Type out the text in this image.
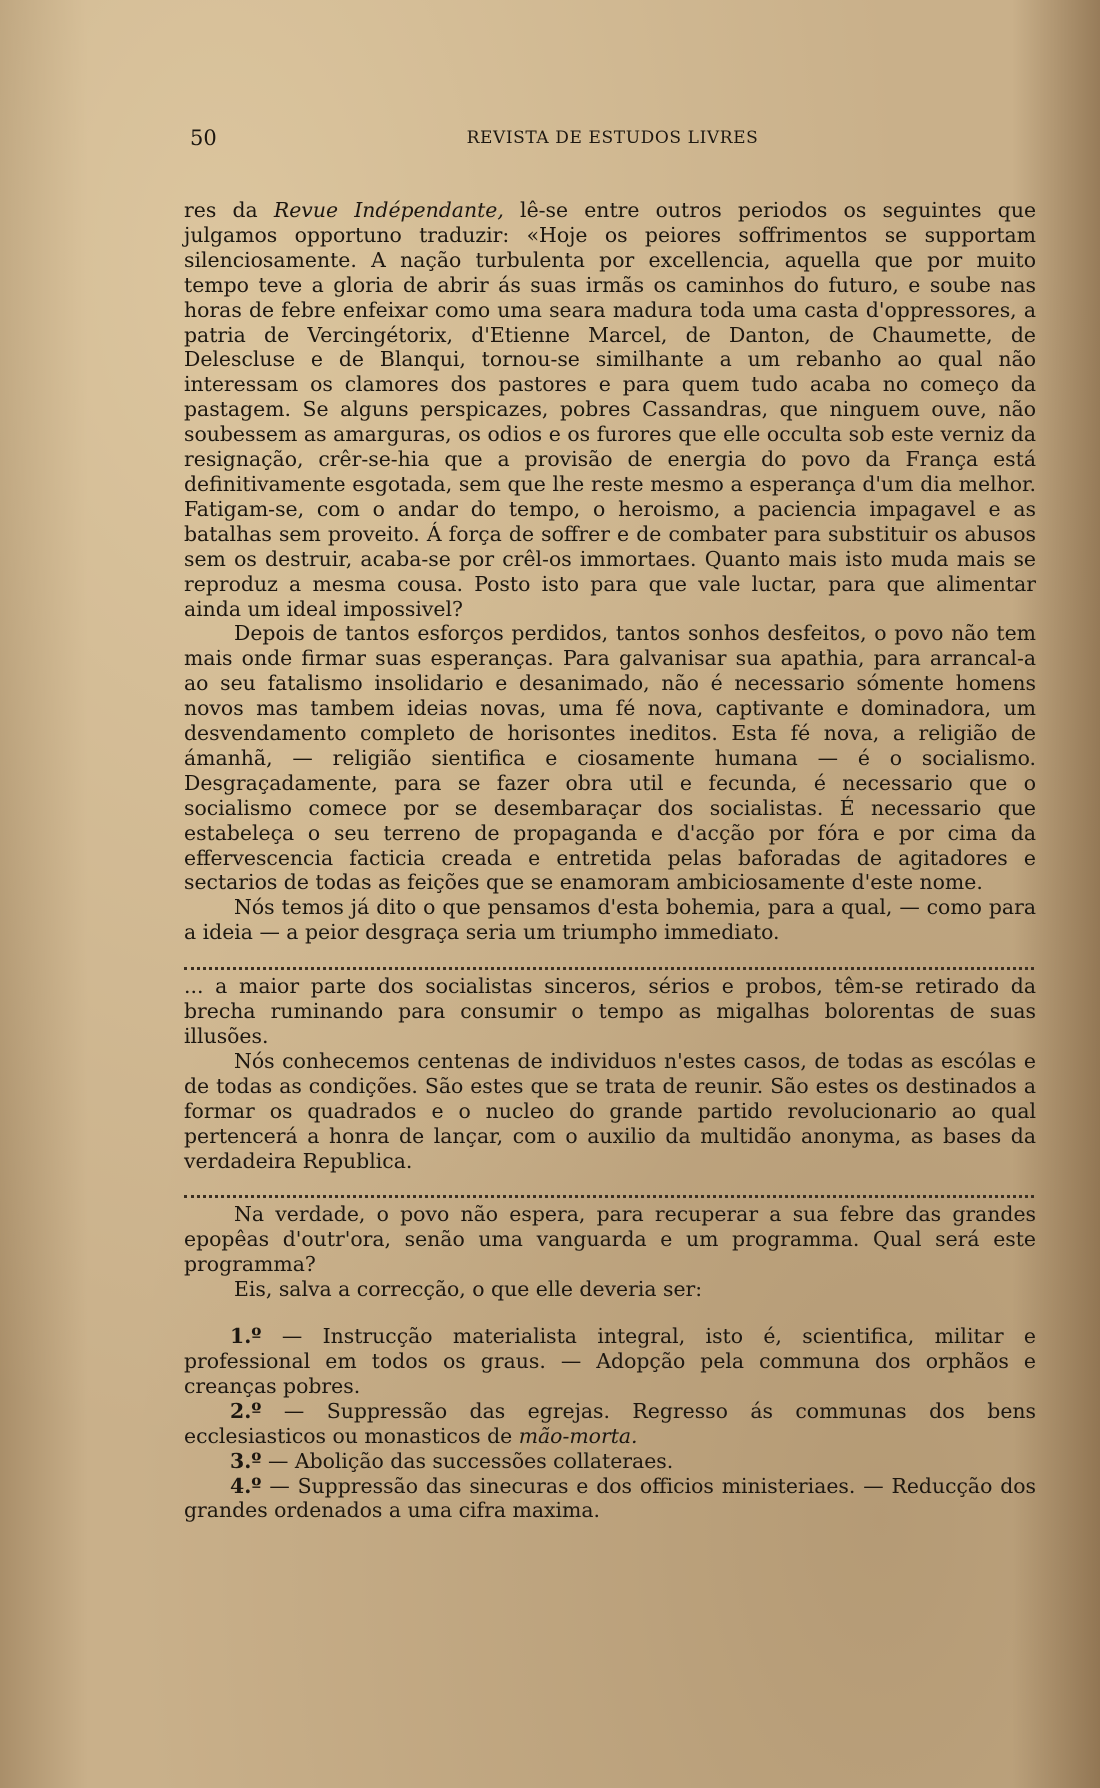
50	REVISTA DE ESTUDOS LIVRES

res da Revue Indépendante, lê-se entre outros periodos os seguintes que julgamos opportuno traduzir: «Hoje os peiores soffrimentos se supportam silenciosamente. A nação turbulenta por excellencia, aquella que por muito tempo teve a gloria de abrir ás suas irmãs os caminhos do futuro, e soube nas horas de febre enfeixar como uma seara madura toda uma casta d'oppressores, a patria de Vercingétorix, d'Etienne Marcel, de Danton, de Chaumette, de Delescluse e de Blanqui, tornou-se similhante a um rebanho ao qual não interessam os clamores dos pastores e para quem tudo acaba no começo da pastagem. Se alguns perspicazes, pobres Cassandras, que ninguem ouve, não soubessem as amarguras, os odios e os furores que elle occulta sob este verniz da resignação, crêr-se-hia que a provisão de energia do povo da França está definitivamente esgotada, sem que lhe reste mesmo a esperança d'um dia melhor. Fatigam-se, com o andar do tempo, o heroismo, a paciencia impagavel e as batalhas sem proveito. Á força de soffrer e de combater para substituir os abusos sem os destruir, acaba-se por crêl-os immortaes. Quanto mais isto muda mais se reproduz a mesma cousa. Posto isto para que vale luctar, para que alimentar ainda um ideal impossivel?

Depois de tantos esforços perdidos, tantos sonhos desfeitos, o povo não tem mais onde firmar suas esperanças. Para galvanisar sua apathia, para arrancal-a ao seu fatalismo insolidario e desanimado, não é necessario sómente homens novos mas tambem ideias novas, uma fé nova, captivante e dominadora, um desvendamento completo de horisontes ineditos. Esta fé nova, a religião de ámanhã, — religião sientifica e ciosamente humana — é o socialismo. Desgraçadamente, para se fazer obra util e fecunda, é necessario que o socialismo comece por se desembaraçar dos socialistas. É necessario que estabeleça o seu terreno de propaganda e d'acção por fóra e por cima da effervescencia facticia creada e entretida pelas baforadas de agitadores e sectarios de todas as feições que se enamoram ambiciosamente d'este nome.

Nós temos já dito o que pensamos d'esta bohemia, para a qual, — como para a ideia — a peior desgraça seria um triumpho immediato.

... a maior parte dos socialistas sinceros, sérios e probos, têm-se retirado da brecha ruminando para consumir o tempo as migalhas bolorentas de suas illusões.

Nós conhecemos centenas de individuos n'estes casos, de todas as escólas e de todas as condições. São estes que se trata de reunir. São estes os destinados a formar os quadrados e o nucleo do grande partido revolucionario ao qual pertencerá a honra de lançar, com o auxilio da multidão anonyma, as bases da verdadeira Republica.

Na verdade, o povo não espera, para recuperar a sua febre das grandes epopêas d'outr'ora, senão uma vanguarda e um programma. Qual será este programma?

Eis, salva a correcção, o que elle deveria ser:

1.º — Instrucção materialista integral, isto é, scientifica, militar e professional em todos os graus. — Adopção pela communa dos orphãos e creanças pobres.

2.º — Suppressão das egrejas. Regresso ás communas dos bens ecclesiasticos ou monasticos de mão-morta.

3.º — Abolição das successões collateraes.

4.º — Suppressão das sinecuras e dos officios ministeriaes. — Reducção dos grandes ordenados a uma cifra maxima.
